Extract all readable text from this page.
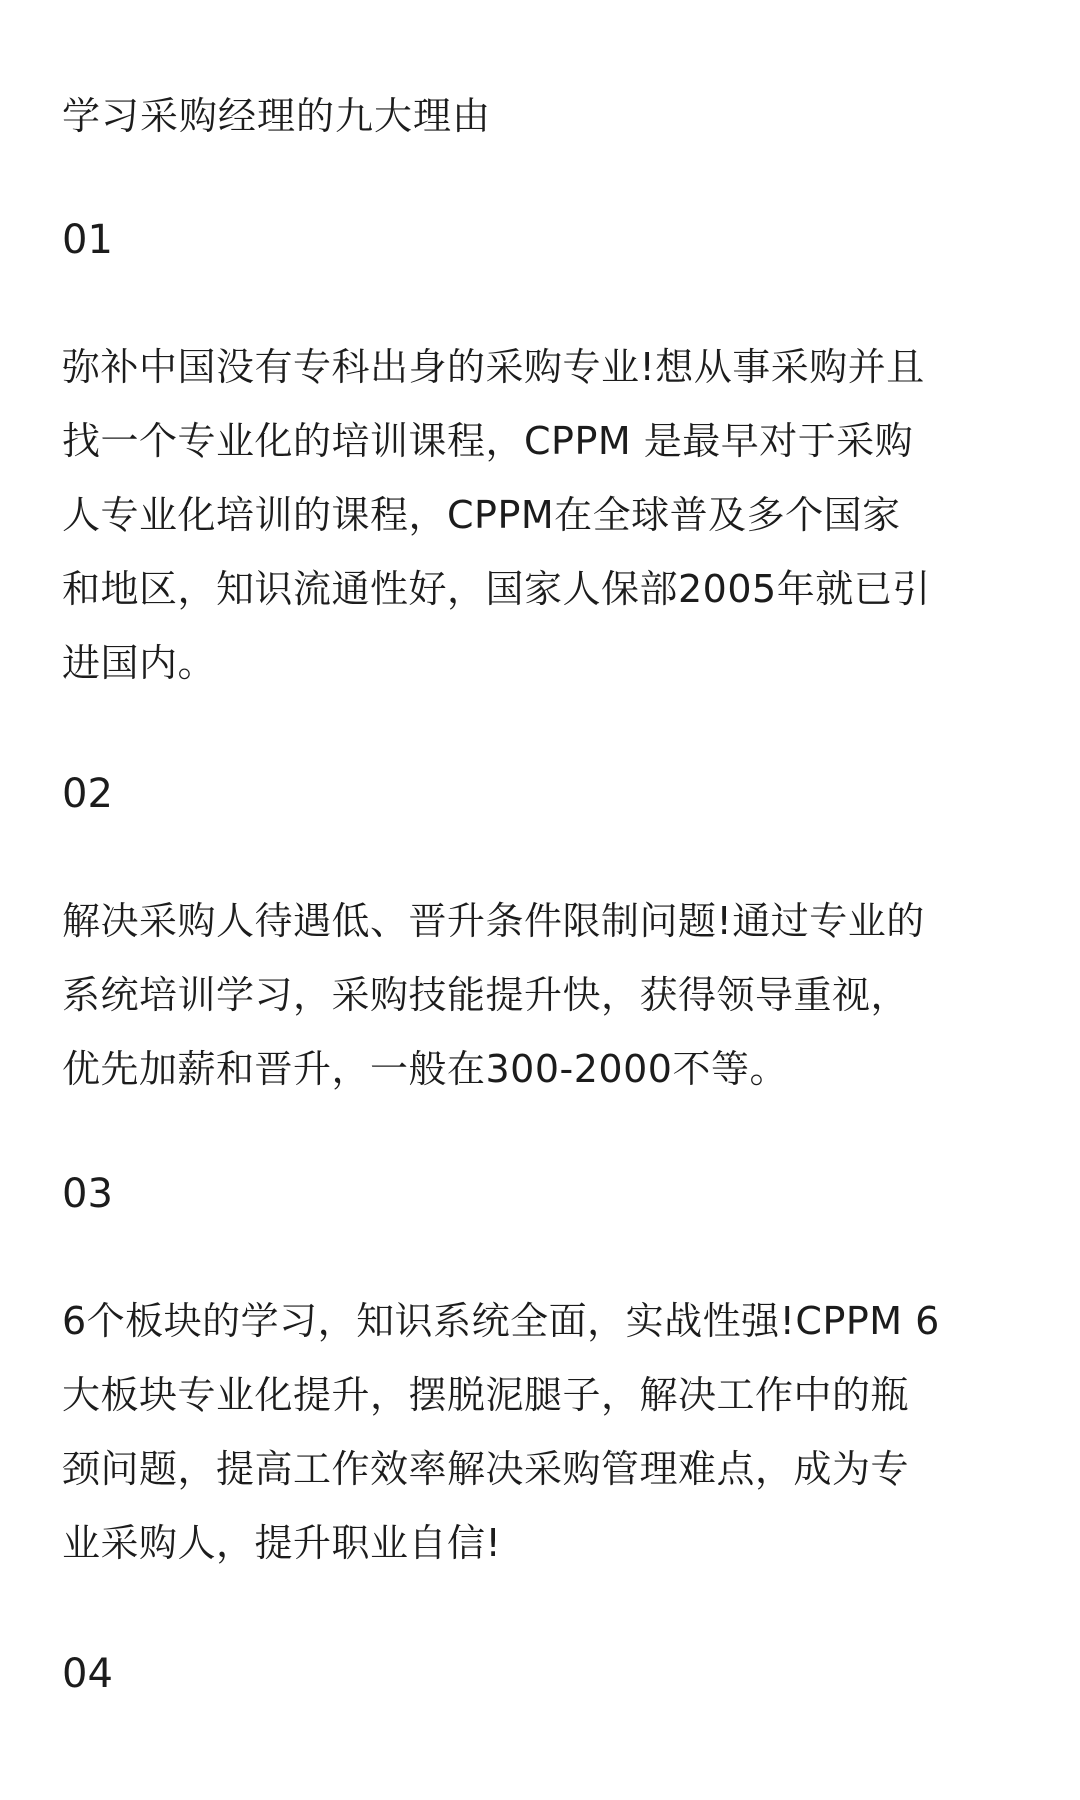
学习采购经理的九大理由
01
弥补中国没有专科出身的采购专业!想从事采购并且
找一个专业化的培训课程，CPPM 是最早对于采购
人专业化培训的课程，CPPM在全球普及多个国家
和地区，知识流通性好，国家人保部2005年就已引
进国内。
02
解决采购人待遇低、晋升条件限制问题!通过专业的
系统培训学习，采购技能提升快，获得领导重视，
优先加薪和晋升，一般在300-2000不等。
03
6个板块的学习，知识系统全面，实战性强!CPPM 6
大板块专业化提升，摆脱泥腿子，解决工作中的瓶
颈问题，提高工作效率解决采购管理难点，成为专
业采购人，提升职业自信!
04
